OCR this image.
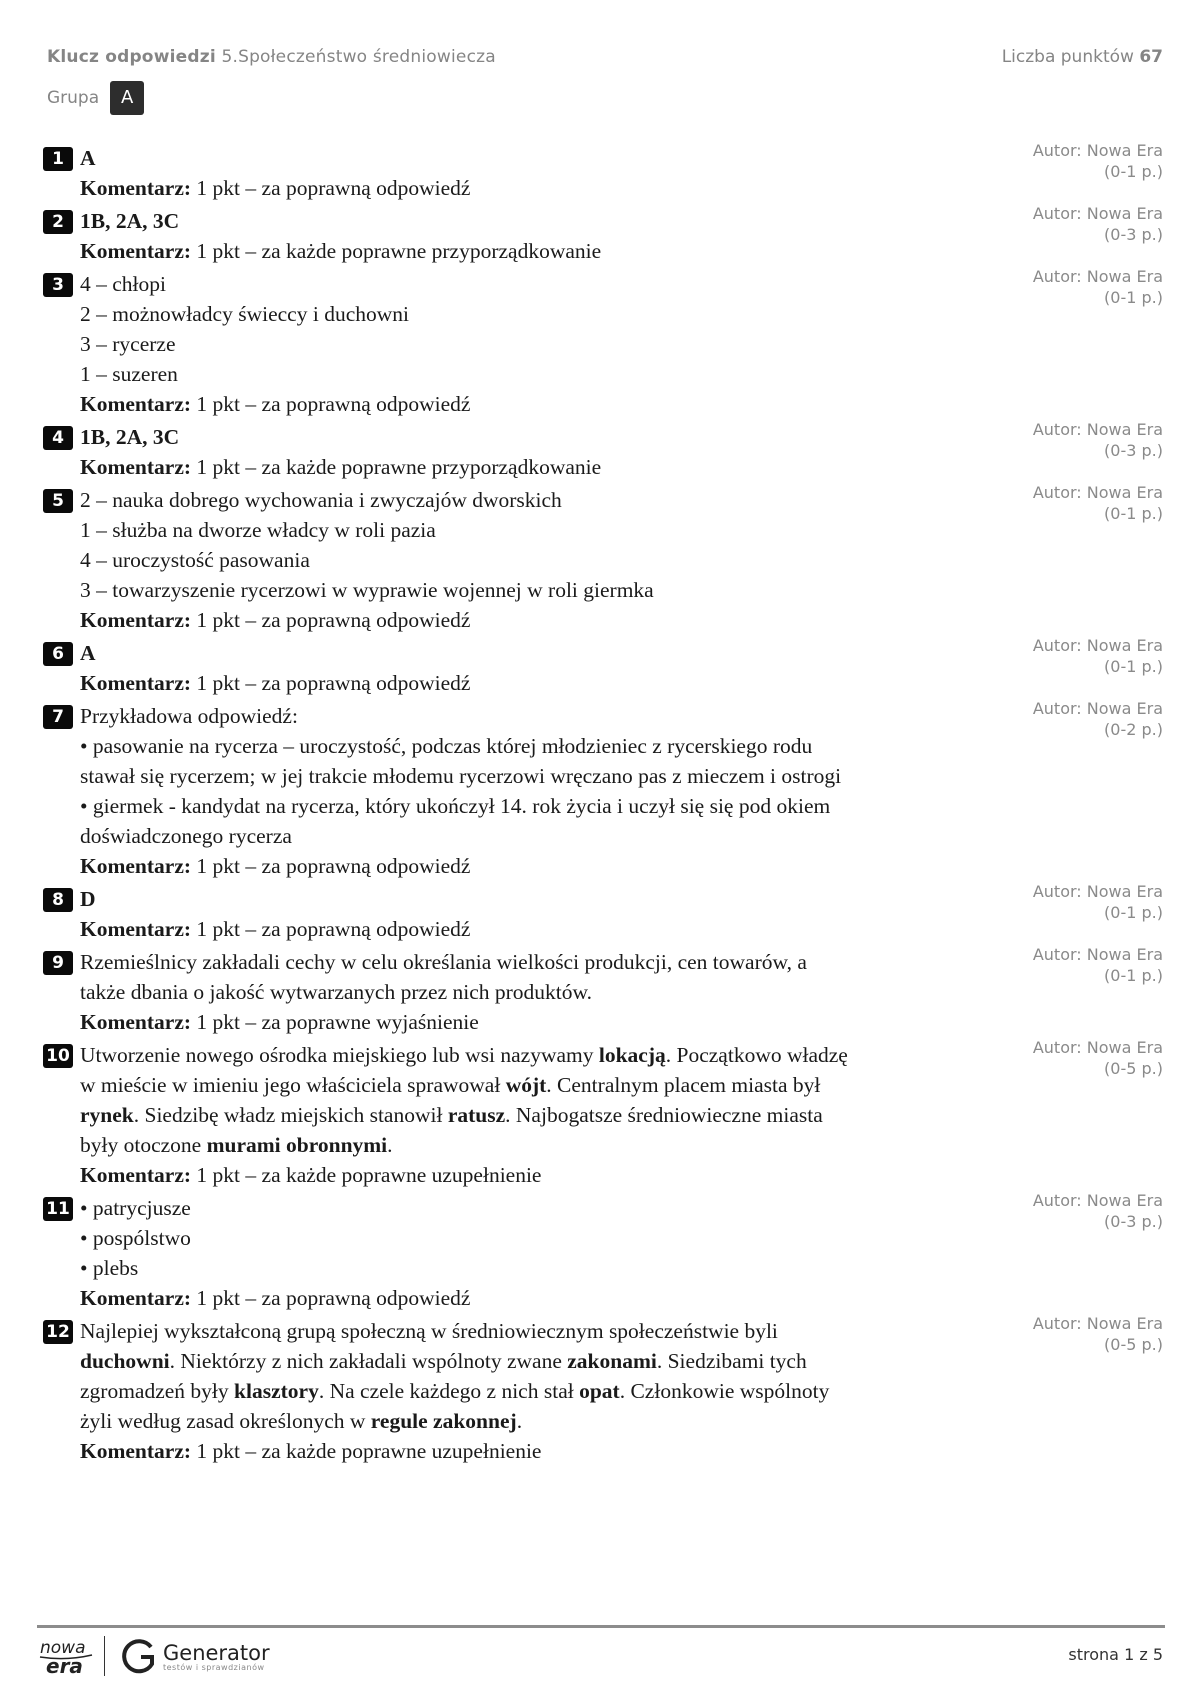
Klucz odpowiedzi 5.Społeczeństwo średniowiecza	Liczba punktów 67
Grupa	A
1	Autor: Nowa Era
(0-1 p.)
A
Komentarz: 1 pkt – za poprawną odpowiedź
2	Autor: Nowa Era
(0-3 p.)
1B, 2A, 3C
Komentarz: 1 pkt – za każde poprawne przyporządkowanie
3	Autor: Nowa Era
(0-1 p.)
4 – chłopi
2 – możnowładcy świeccy i duchowni
3 – rycerze
1 – suzeren
Komentarz: 1 pkt – za poprawną odpowiedź
4	Autor: Nowa Era
(0-3 p.)
1B, 2A, 3C
Komentarz: 1 pkt – za każde poprawne przyporządkowanie
5	Autor: Nowa Era
(0-1 p.)
2 – nauka dobrego wychowania i zwyczajów dworskich
1 – służba na dworze władcy w roli pazia
4 – uroczystość pasowania
3 – towarzyszenie rycerzowi w wyprawie wojennej w roli giermka
Komentarz: 1 pkt – za poprawną odpowiedź
6	Autor: Nowa Era
(0-1 p.)
A
Komentarz: 1 pkt – za poprawną odpowiedź
7	Autor: Nowa Era
(0-2 p.)
Przykładowa odpowiedź:
• pasowanie na rycerza – uroczystość, podczas której młodzieniec z rycerskiego rodu
stawał się rycerzem; w jej trakcie młodemu rycerzowi wręczano pas z mieczem i ostrogi
• giermek - kandydat na rycerza, który ukończył 14. rok życia i uczył się się pod okiem
doświadczonego rycerza
Komentarz: 1 pkt – za poprawną odpowiedź
8	Autor: Nowa Era
(0-1 p.)
D
Komentarz: 1 pkt – za poprawną odpowiedź
9	Autor: Nowa Era
(0-1 p.)
Rzemieślnicy zakładali cechy w celu określania wielkości produkcji, cen towarów, a
także dbania o jakość wytwarzanych przez nich produktów.
Komentarz: 1 pkt – za poprawne wyjaśnienie
10	Autor: Nowa Era
(0-5 p.)
Utworzenie nowego ośrodka miejskiego lub wsi nazywamy lokacją. Początkowo władzę
w mieście w imieniu jego właściciela sprawował wójt. Centralnym placem miasta był
rynek. Siedzibę władz miejskich stanowił ratusz. Najbogatsze średniowieczne miasta
były otoczone murami obronnymi.
Komentarz: 1 pkt – za każde poprawne uzupełnienie
11	Autor: Nowa Era
(0-3 p.)
• patrycjusze
• pospólstwo
• plebs
Komentarz: 1 pkt – za poprawną odpowiedź
12	Autor: Nowa Era
(0-5 p.)
Najlepiej wykształconą grupą społeczną w średniowiecznym społeczeństwie byli
duchowni. Niektórzy z nich zakładali wspólnoty zwane zakonami. Siedzibami tych
zgromadzeń były klasztory. Na czele każdego z nich stał opat. Członkowie wspólnoty
żyli według zasad określonych w regule zakonnej.
Komentarz: 1 pkt – za każde poprawne uzupełnienie
nowa
era
Generator
testów i sprawdzianów
strona 1 z 5
